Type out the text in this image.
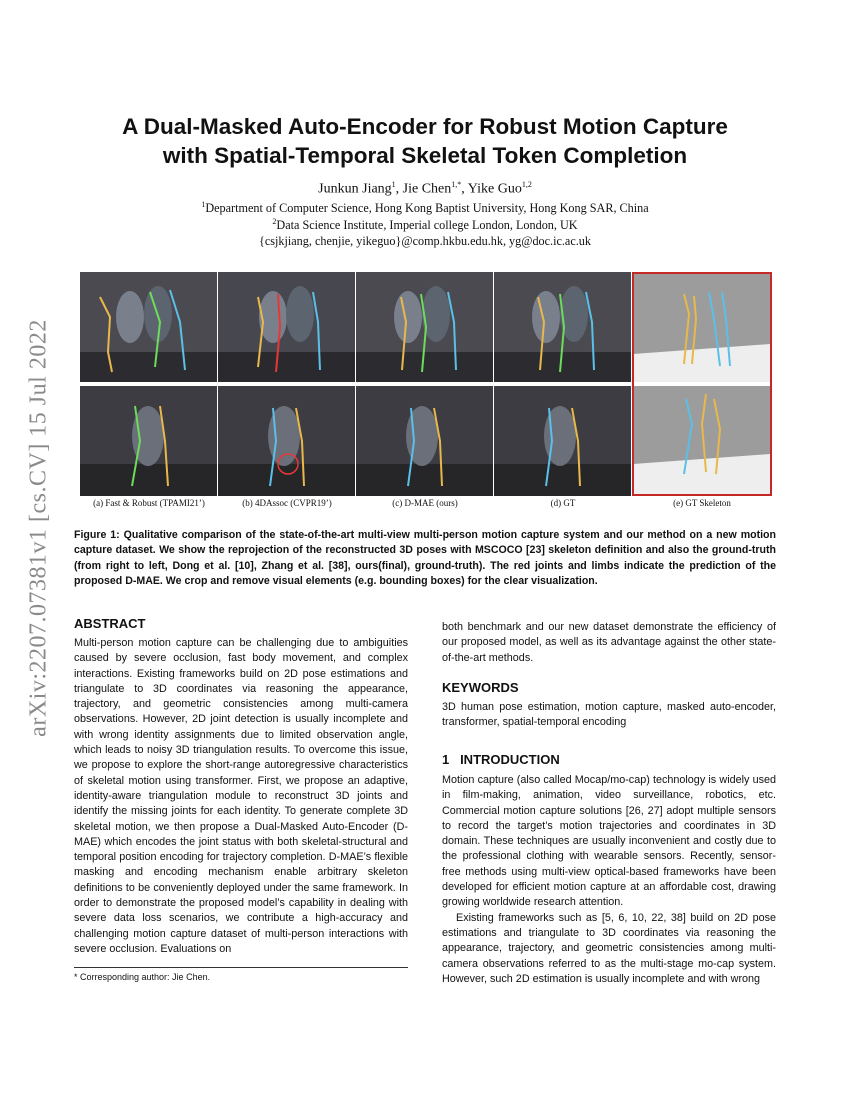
arXiv:2207.07381v1 [cs.CV] 15 Jul 2022
A Dual-Masked Auto-Encoder for Robust Motion Capture
with Spatial-Temporal Skeletal Token Completion
Junkun Jiang$^1$, Jie Chen$^{1,*}$, Yike Guo$^{1,2}$
$^1$Department of Computer Science, Hong Kong Baptist University, Hong Kong SAR, China
$^2$Data Science Institute, Imperial college London, London, UK
{csjkjiang, chenjie, yikeguo}@comp.hkbu.edu.hk, yg@doc.ic.ac.uk
(a) Fast & Robust (TPAMI21’)	(b) 4DAssoc (CVPR19’)	(c) D-MAE (ours)	(d) GT	(e) GT Skeleton
Figure 1: Qualitative comparison of the state-of-the-art multi-view multi-person motion capture system and our method on a new motion capture dataset. We show the reprojection of the reconstructed 3D poses with MSCOCO [23] skeleton definition and also the ground-truth (from right to left, Dong et al. [10], Zhang et al. [38], ours(final), ground-truth). The red joints and limbs indicate the prediction of the proposed D-MAE. We crop and remove visual elements (e.g. bounding boxes) for the clear visualization.
ABSTRACT

Multi-person motion capture can be challenging due to ambiguities caused by severe occlusion, fast body movement, and complex interactions. Existing frameworks build on 2D pose estimations and triangulate to 3D coordinates via reasoning the appearance, trajectory, and geometric consistencies among multi-camera observations. However, 2D joint detection is usually incomplete and with wrong identity assignments due to limited observation angle, which leads to noisy 3D triangulation results. To overcome this issue, we propose to explore the short-range autoregressive characteristics of skeletal motion using transformer. First, we propose an adaptive, identity-aware triangulation module to reconstruct 3D joints and identify the missing joints for each identity. To generate complete 3D skeletal motion, we then propose a Dual-Masked Auto-Encoder (D-MAE) which encodes the joint status with both skeletal-structural and temporal position encoding for trajectory completion. D-MAE’s flexible masking and encoding mechanism enable arbitrary skeleton definitions to be conveniently deployed under the same framework. In order to demonstrate the proposed model’s capability in dealing with severe data loss scenarios, we contribute a high-accuracy and challenging motion capture dataset of multi-person interactions with severe occlusion. Evaluations on

* Corresponding author: Jie Chen.

both benchmark and our new dataset demonstrate the efficiency of our proposed model, as well as its advantage against the other state-of-the-art methods.

KEYWORDS

3D human pose estimation, motion capture, masked auto-encoder, transformer, spatial-temporal encoding

1   INTRODUCTION

Motion capture (also called Mocap/mo-cap) technology is widely used in film-making, animation, video surveillance, robotics, etc. Commercial motion capture solutions [26, 27] adopt multiple sensors to record the target’s motion trajectories and coordinates in 3D domain. These techniques are usually inconvenient and costly due to the professional clothing with wearable sensors. Recently, sensor-free methods using multi-view optical-based frameworks have been developed for efficient motion capture at an affordable cost, drawing growing worldwide research attention.

Existing frameworks such as [5, 6, 10, 22, 38] build on 2D pose estimations and triangulate to 3D coordinates via reasoning the appearance, trajectory, and geometric consistencies among multi-camera observations referred to as the multi-stage mo-cap system. However, such 2D estimation is usually incomplete and with wrong
